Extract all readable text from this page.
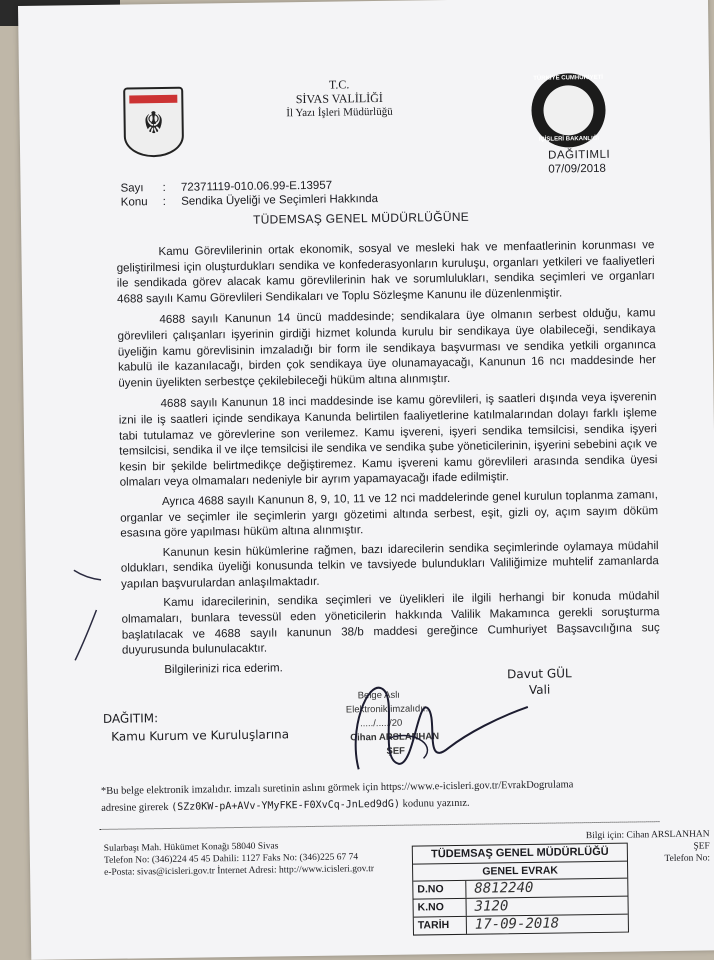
☬
TÜRKİYE CUMHURİYETİ
İÇİŞLERİ BAKANLIĞI
T.C.
SİVAS VALİLİĞİ
İl Yazı İşleri Müdürlüğü
DAĞITIMLI
07/09/2018
Sayı : 72371119-010.06.99-E.13957
Konu : Sendika Üyeliği ve Seçimleri Hakkında
TÜDEMSAŞ GENEL MÜDÜRLÜĞÜNE

Kamu Görevlilerinin ortak ekonomik, sosyal ve mesleki hak ve menfaatlerinin korunması ve geliştirilmesi için oluşturdukları sendika ve konfederasyonların kuruluşu, organları yetkileri ve faaliyetleri ile sendikada görev alacak kamu görevlilerinin hak ve sorumlulukları, sendika seçimleri ve organları 4688 sayılı Kamu Görevlileri Sendikaları ve Toplu Sözleşme Kanunu ile düzenlenmiştir.

4688 sayılı Kanunun 14 üncü maddesinde; sendikalara üye olmanın serbest olduğu, kamu görevlileri çalışanları işyerinin girdiği hizmet kolunda kurulu bir sendikaya üye olabileceği, sendikaya üyeliğin kamu görevlisinin imzaladığı bir form ile sendikaya başvurması ve sendika yetkili organınca kabulü ile kazanılacağı, birden çok sendikaya üye olunamayacağı, Kanunun 16 ncı maddesinde her üyenin üyelikten serbestçe çekilebileceği hüküm altına alınmıştır.

4688 sayılı Kanunun 18 inci maddesinde ise kamu görevlileri, iş saatleri dışında veya işverenin izni ile iş saatleri içinde sendikaya Kanunda belirtilen faaliyetlerine katılmalarından dolayı farklı işleme tabi tutulamaz ve görevlerine son verilemez. Kamu işvereni, işyeri sendika temsilcisi, sendika işyeri temsilcisi, sendika il ve ilçe temsilcisi ile sendika ve sendika şube yöneticilerinin, işyerini sebebini açık ve kesin bir şekilde belirtmedikçe değiştiremez. Kamu işvereni kamu görevlileri arasında sendika üyesi olmaları veya olmamaları nedeniyle bir ayrım yapamayacağı ifade edilmiştir.

Ayrıca 4688 sayılı Kanunun 8, 9, 10, 11 ve 12 nci maddelerinde genel kurulun toplanma zamanı, organlar ve seçimler ile seçimlerin yargı gözetimi altında serbest, eşit, gizli oy, açım sayım döküm esasına göre yapılması hüküm altına alınmıştır.

Kanunun kesin hükümlerine rağmen, bazı idarecilerin sendika seçimlerinde oylamaya müdahil oldukları, sendika üyeliği konusunda telkin ve tavsiyede bulundukları Valiliğimize muhtelif zamanlarda yapılan başvurulardan anlaşılmaktadır.

Kamu idarecilerinin, sendika seçimleri ve üyelikleri ile ilgili herhangi bir konuda müdahil olmamaları, bunlara tevessül eden yöneticilerin hakkında Valilik Makamınca gerekli soruşturma başlatılacak ve 4688 sayılı kanunun 38/b maddesi gereğince Cumhuriyet Başsavcılığına suç duyurusunda bulunulacaktır.

Bilgilerinizi rica ederim.	Davut GÜL
Vali
Belge Aslı
Elektronik imzalıdır.
...../...../20
Cihan ARSLANHAN
ŞEF
DAĞITIM:
Kamu Kurum ve Kuruluşlarına
*Bu belge elektronik imzalıdır. imzalı suretinin aslını görmek için https://www.e-icisleri.gov.tr/EvrakDogrulama
adresine girerek (SZz0KW-pA+AVv-YMyFKE-F0XvCq-JnLed9dG) kodunu yazınız.
Sularbaşı Mah. Hükümet Konağı 58040 Sivas
Telefon No: (346)224 45 45 Dahili: 1127 Faks No: (346)225 67 74
e-Posta: sivas@icisleri.gov.tr İnternet Adresi: http://www.icisleri.gov.tr
Bilgi için: Cihan ARSLANHAN
ŞEF
Telefon No:
TÜDEMSAŞ GENEL MÜDÜRLÜĞÜ
GENEL EVRAK
D.NO	8812240
K.NO	3120
TARİH	17-09-2018
